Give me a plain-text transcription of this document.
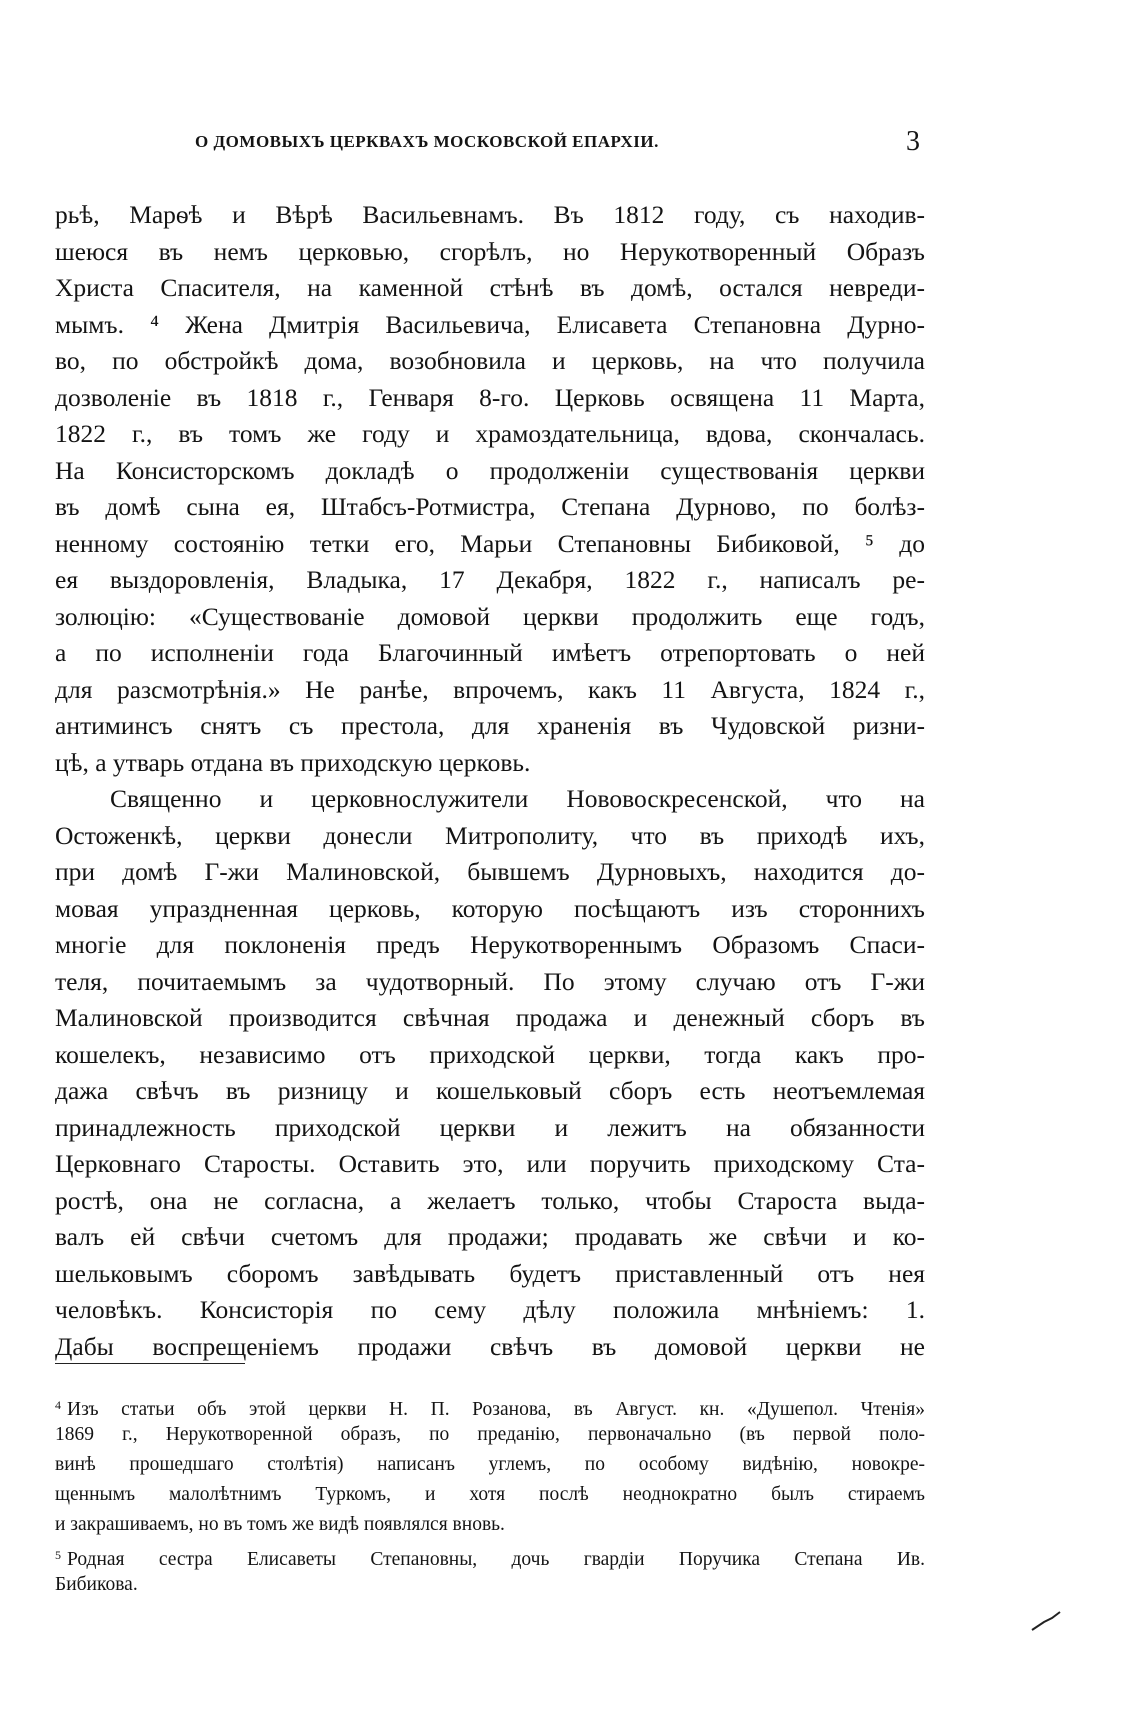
О ДОМОВЫХЪ ЦЕРКВАХЪ МОСКОВСКОЙ ЕПАРХІИ.	3
рьѣ, Марѳѣ и Вѣрѣ Васильевнамъ. Въ 1812 году, съ находив-
шеюся въ немъ церковью, сгорѣлъ, но Нерукотворенный Образъ
Христа Спасителя, на каменной стѣнѣ въ домѣ, остался невреди-
мымъ. ⁴ Жена Дмитрія Васильевича, Елисавета Степановна Дурно-
во, по обстройкѣ дома, возобновила и церковь, на что получила
дозволеніе въ 1818 г., Генваря 8-го. Церковь освящена 11 Марта,
1822 г., въ томъ же году и храмоздательница, вдова, скончалась.
На Консисторскомъ докладѣ о продолженіи существованія церкви
въ домѣ сына ея, Штабсъ-Ротмистра, Степана Дурново, по болѣз-
ненному состоянію тетки его, Марьи Степановны Бибиковой, ⁵ до
ея выздоровленія, Владыка, 17 Декабря, 1822 г., написалъ ре-
золюцію: «Существованіе домовой церкви продолжить еще годъ,
а по исполненіи года Благочинный имѣетъ отрепортовать о ней
для разсмотрѣнія.» Не ранѣе, впрочемъ, какъ 11 Августа, 1824 г.,
антиминсъ снятъ съ престола, для храненія въ Чудовской ризни-
цѣ, а утварь отдана въ приходскую церковь.
Священно и церковнослужители Нововоскресенской, что на
Остоженкѣ, церкви донесли Митрополиту, что въ приходѣ ихъ,
при домѣ Г-жи Малиновской, бывшемъ Дурновыхъ, находится до-
мовая упраздненная церковь, которую посѣщаютъ изъ стороннихъ
многіе для поклоненія предъ Нерукотвореннымъ Образомъ Спаси-
теля, почитаемымъ за чудотворный. По этому случаю отъ Г-жи
Малиновской производится свѣчная продажа и денежный сборъ въ
кошелекъ, независимо отъ приходской церкви, тогда какъ про-
дажа свѣчъ въ ризницу и кошельковый сборъ есть неотъемлемая
принадлежность приходской церкви и лежитъ на обязанности
Церковнаго Старосты. Оставить это, или поручить приходскому Ста-
ростѣ, она не согласна, а желаетъ только, чтобы Староста выда-
валъ ей свѣчи счетомъ для продажи; продавать же свѣчи и ко-
шельковымъ сборомъ завѣдывать будетъ приставленный отъ нея
человѣкъ. Консисторія по сему дѣлу положила мнѣніемъ: 1.
Дабы воспрещеніемъ продажи свѣчъ въ домовой церкви не
$^4$ Изъ статьи объ этой церкви Н. П. Розанова, въ Август. кн. «Душепол. Чтенія»
1869 г., Нерукотворенной образъ, по преданію, первоначально (въ первой поло-
винѣ прошедшаго столѣтія) написанъ углемъ, по особому видѣнію, новокре-
щеннымъ малолѣтнимъ Туркомъ, и хотя послѣ неоднократно былъ стираемъ
и закрашиваемъ, но въ томъ же видѣ появлялся вновь.
$^5$ Родная сестра Елисаветы Степановны, дочь гвардіи Поручика Степана Ив.
Бибикова.
